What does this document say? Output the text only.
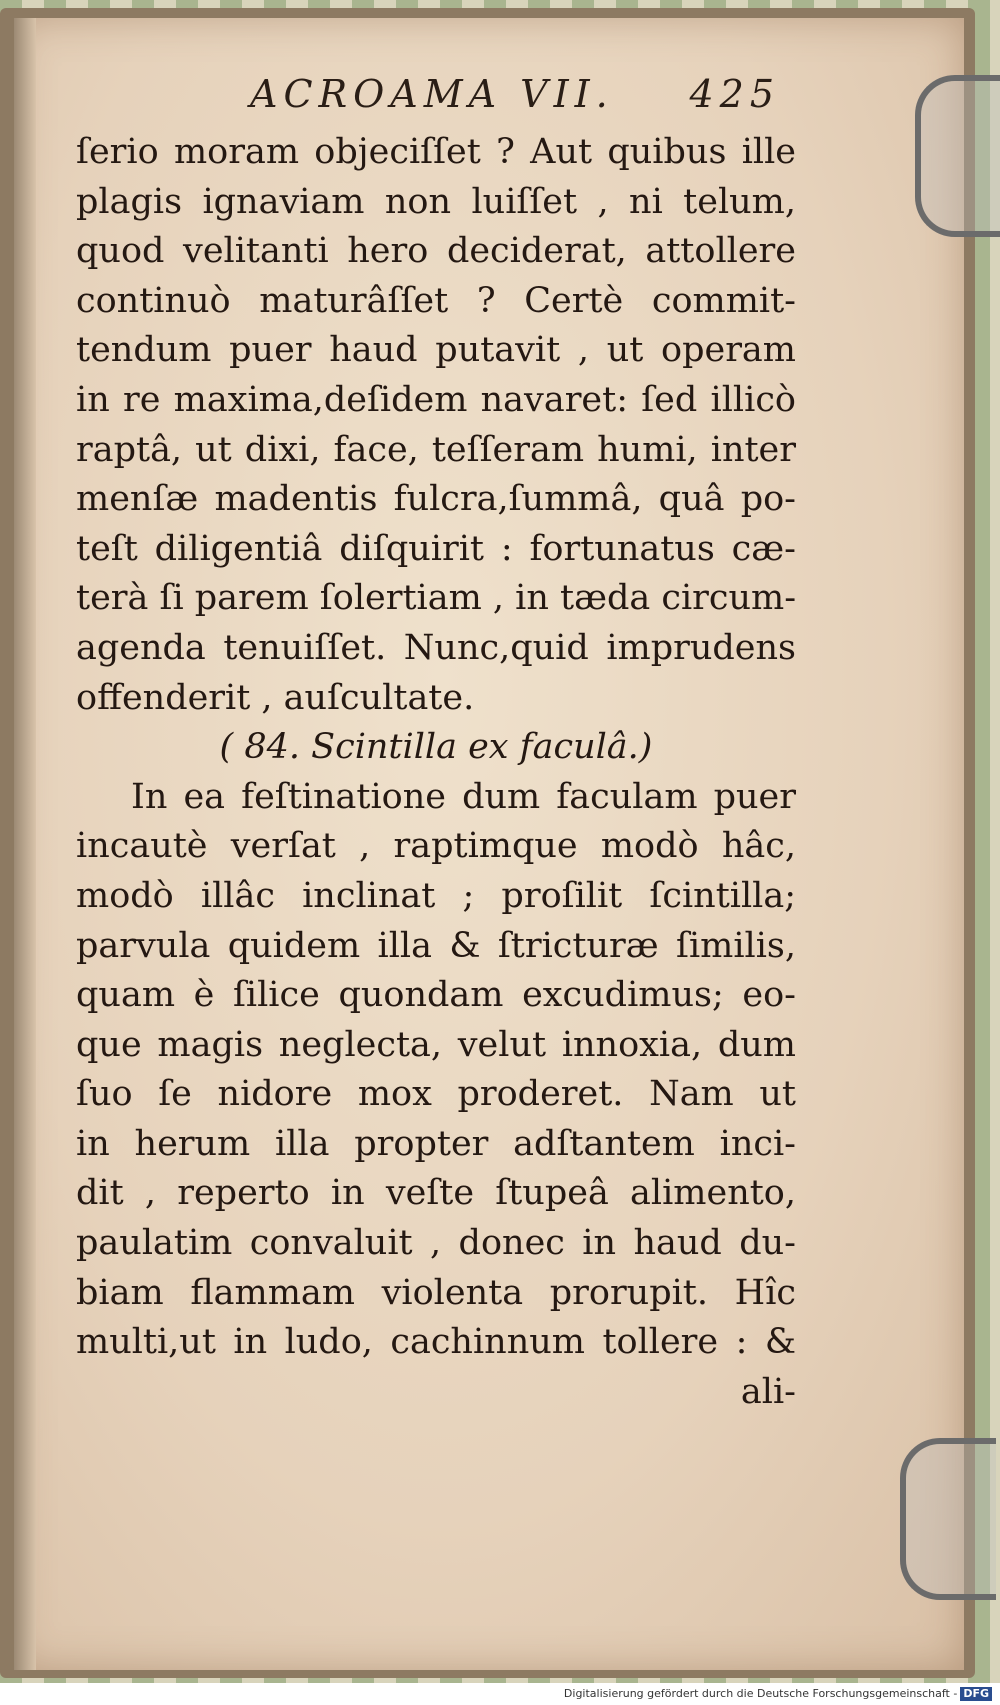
ACROAMA VII. 425
ſerio moram objeciſſet ? Aut quibus ille
plagis ignaviam non luiſſet , ni telum,
quod velitanti hero deciderat, attollere
continuò maturâſſet ? Certè commit-
tendum puer haud putavit , ut operam
in re maxima,deſidem navaret: ſed illicò
raptâ, ut dixi, face, teſſeram humi, inter
menſæ madentis fulcra,ſummâ, quâ po-
teſt diligentiâ diſquirit : fortunatus cæ-
terà ſi parem ſolertiam , in tæda circum-
agenda tenuiſſet. Nunc,quid imprudens
offenderit , auſcultate.
( 84. Scintilla ex faculâ.)
In ea feſtinatione dum faculam puer
incautè verſat , raptimque modò hâc,
modò illâc inclinat ; proſilit ſcintilla;
parvula quidem illa & ſtricturæ ſimilis,
quam è ſilice quondam excudimus; eo-
que magis neglecta, velut innoxia, dum
ſuo ſe nidore mox proderet. Nam ut
in herum illa propter adſtantem inci-
dit , reperto in veſte ſtupeâ alimento,
paulatim convaluit , donec in haud du-
biam flammam violenta prorupit. Hîc
multi,ut in ludo, cachinnum tollere : &
ali-
Digitalisierung gefördert durch die Deutsche Forschungsgemeinschaft - DFG
